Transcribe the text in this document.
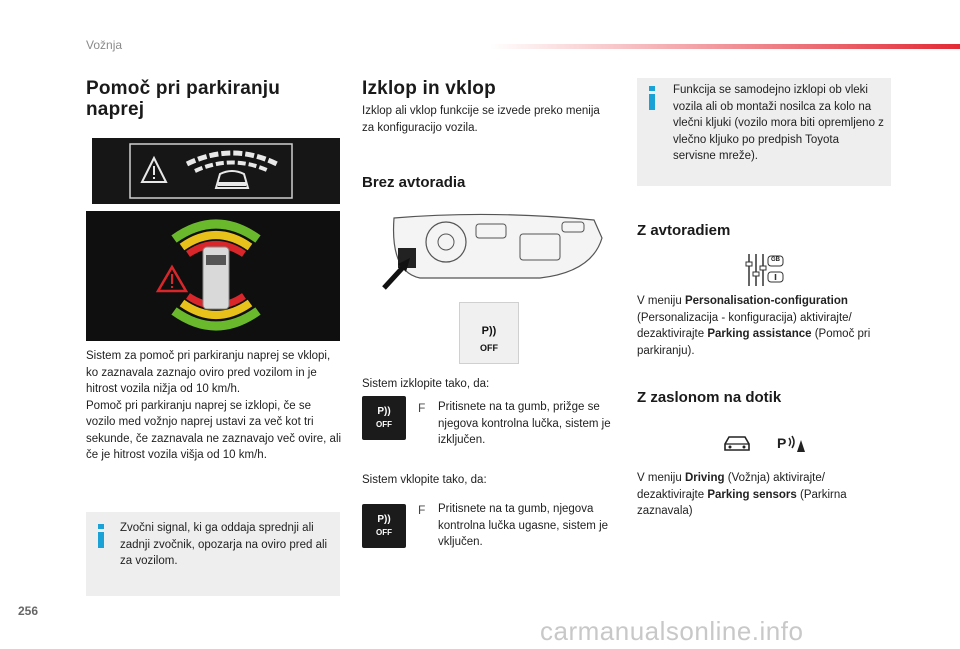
Vožnja
Pomoč pri parkiranju naprej
Sistem za pomoč pri parkiranju naprej se vklopi, ko zaznavala zaznajo oviro pred vozilom in je hitrost vozila nižja od 10 km/h.
Pomoč pri parkiranju naprej se izklopi, če se vozilo med vožnjo naprej ustavi za več kot tri sekunde, če zaznavala ne zaznavajo več ovire, ali če je hitrost vozila višja od 10 km/h.
Zvočni signal, ki ga oddaja sprednji ali zadnji zvočnik, opozarja na oviro pred ali za vozilom.
Izklop in vklop
Izklop ali vklop funkcije se izvede preko menija za konfiguracijo vozila.
Brez avtoradia
P))
OFF
Sistem izklopite tako, da:
P))
OFF
F Pritisnete na ta gumb, prižge se njegova kontrolna lučka, sistem je izključen.
Sistem vklopite tako, da:
P))
OFF
F Pritisnete na ta gumb, njegova kontrolna lučka ugasne, sistem je vključen.
Funkcija se samodejno izklopi ob vleki vozila ali ob montaži nosilca za kolo na vlečni kljuki (vozilo mora biti opremljeno z vlečno kljuko po predpish Toyota servisne mreže).
Z avtoradiem
GB
V meniju Personalisation-configuration (Personalizacija - konfiguracija) aktivirajte/ dezaktivirajte Parking assistance (Pomoč pri parkiranju).
Z zaslonom na dotik
P
V meniju Driving (Vožnja) aktivirajte/ dezaktivirajte Parking sensors (Parkirna zaznavala)
256
carmanualsonline.info
